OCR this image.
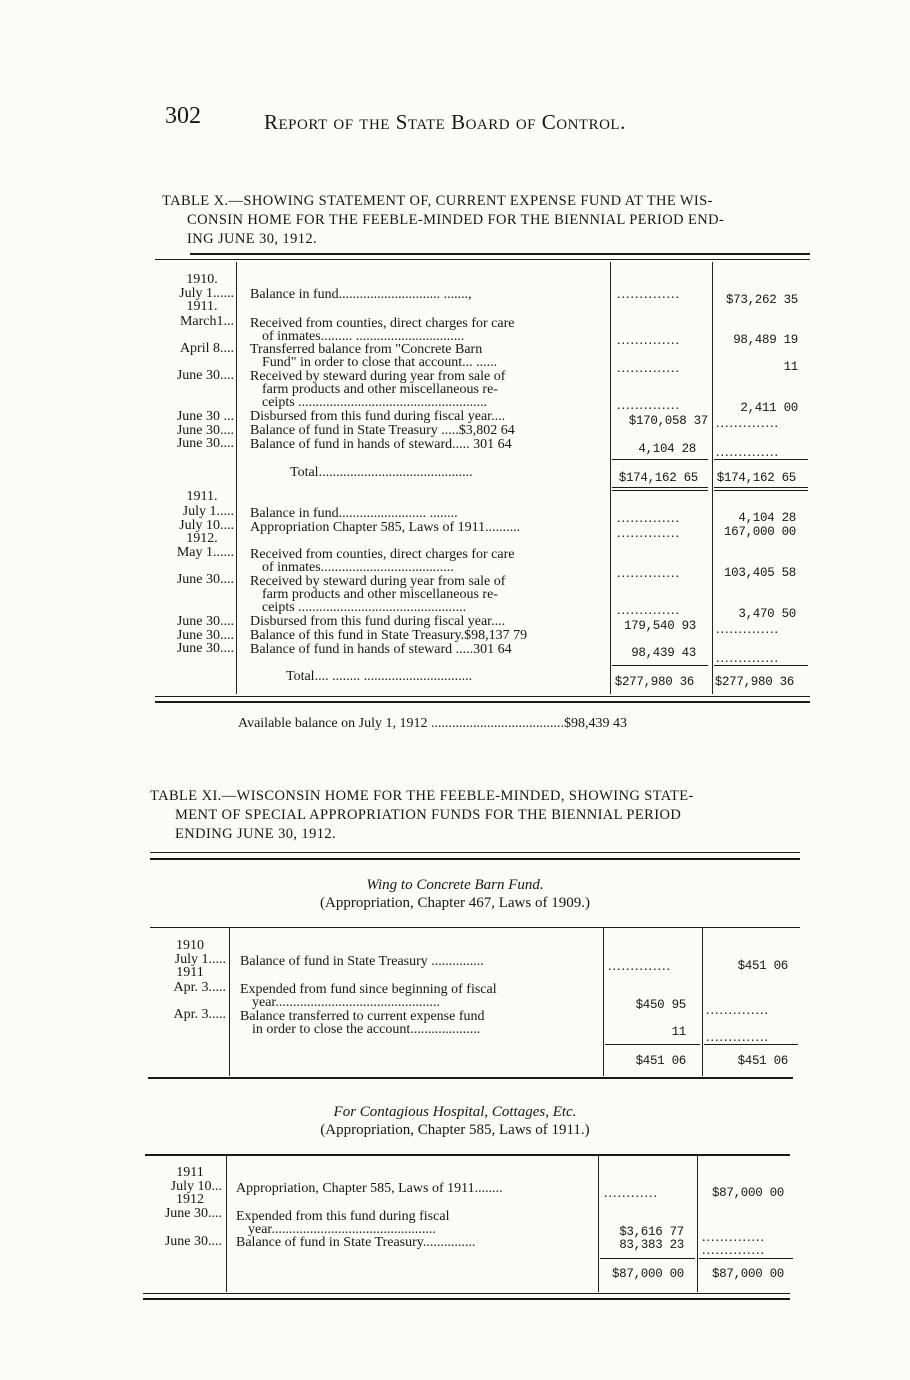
302	Report of the State Board of Control.
TABLE X.—SHOWING STATEMENT OF, CURRENT EXPENSE FUND AT THE WIS-
CONSIN HOME FOR THE FEEBLE-MINDED FOR THE BIENNIAL PERIOD END-
ING JUNE 30, 1912.
1910.
July 1...... Balance in fund............................. .......,	..............	$73,262 35
1911.
March1... Received from counties, direct charges for care
of inmates......... ...............................	..............	98,489 19
April 8.... Transferred balance from "Concrete Barn
Fund" in order to close that account... ......	..............	11
June 30.... Received by steward during year from sale of
farm products and other miscellaneous re-
ceipts ......................................................	..............	2,411 00
June 30 ... Disbursed from this fund during fiscal year....	$170,058 37 ..............
June 30.... Balance of fund in State Treasury .....$3,802 64
June 30.... Balance of fund in hands of steward..... 301 64	4,104 28 ..............
Total............................................	$174,162 65 $174,162 65
1911.
July 1..... Balance in fund......................... ........	..............	4,104 28
July 10.... Appropriation Chapter 585, Laws of 1911..........	..............	167,000 00
1912.
May 1...... Received from counties, direct charges for care
of inmates......................................	..............	103,405 58
June 30.... Received by steward during year from sale of
farm products and other miscellaneous re-
ceipts ................................................	..............	3,470 50
June 30.... Disbursed from this fund during fiscal year....	179,540 93 ..............
June 30.... Balance of this fund in State Treasury.$98,137 79
June 30.... Balance of fund in hands of steward .....301 64	98,439 43 ..............
Total.... ........ ...............................	$277,980 36 $277,980 36
Available balance on July 1, 1912 ......................................$98,439 43
TABLE XI.—WISCONSIN HOME FOR THE FEEBLE-MINDED, SHOWING STATE-
MENT OF SPECIAL APPROPRIATION FUNDS FOR THE BIENNIAL PERIOD
ENDING JUNE 30, 1912.
Wing to Concrete Barn Fund.
(Appropriation, Chapter 467, Laws of 1909.)
1910
July 1..... Balance of fund in State Treasury ...............	..............	$451 06
1911
Apr. 3..... Expended from fund since beginning of fiscal
year...............................................	$450 95 ..............
Apr. 3..... Balance transferred to current expense fund
in order to close the account....................	11 ..............
$451 06	$451 06
For Contagious Hospital, Cottages, Etc.
(Appropriation, Chapter 585, Laws of 1911.)
1911
July 10... Appropriation, Chapter 585, Laws of 1911........	............	$87,000 00
1912
June 30.... Expended from this fund during fiscal
year...............................................	$3,616 77 ..............
June 30.... Balance of fund in State Treasury...............	83,383 23 ..............
$87,000 00	$87,000 00
